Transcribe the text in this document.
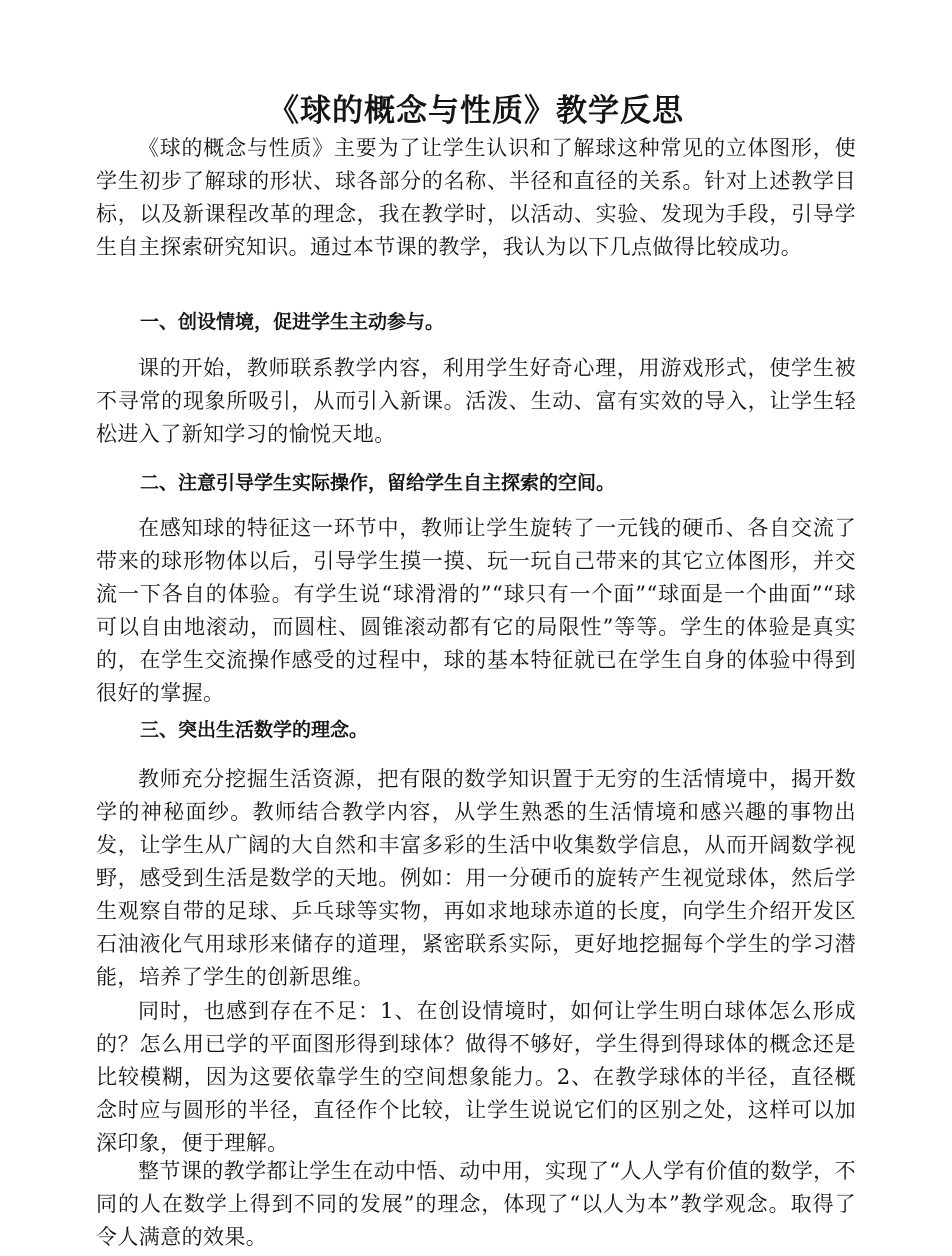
《球的概念与性质》教学反思

《球的概念与性质》主要为了让学生认识和了解球这种常见的立体图形，使学生初步了解球的形状、球各部分的名称、半径和直径的关系。针对上述教学目标，以及新课程改革的理念，我在教学时，以活动、实验、发现为手段，引导学生自主探索研究知识。通过本节课的教学，我认为以下几点做得比较成功。

一、创设情境，促进学生主动参与。

课的开始，教师联系教学内容，利用学生好奇心理，用游戏形式，使学生被不寻常的现象所吸引，从而引入新课。活泼、生动、富有实效的导入，让学生轻松进入了新知学习的愉悦天地。

二、注意引导学生实际操作，留给学生自主探索的空间。

在感知球的特征这一环节中，教师让学生旋转了一元钱的硬币、各自交流了带来的球形物体以后，引导学生摸一摸、玩一玩自己带来的其它立体图形，并交流一下各自的体验。有学生说“球滑滑的”“球只有一个面”“球面是一个曲面”“球可以自由地滚动，而圆柱、圆锥滚动都有它的局限性”等等。学生的体验是真实的，在学生交流操作感受的过程中，球的基本特征就已在学生自身的体验中得到很好的掌握。

三、突出生活数学的理念。

教师充分挖掘生活资源，把有限的数学知识置于无穷的生活情境中，揭开数学的神秘面纱。教师结合教学内容，从学生熟悉的生活情境和感兴趣的事物出发，让学生从广阔的大自然和丰富多彩的生活中收集数学信息，从而开阔数学视野，感受到生活是数学的天地。例如：用一分硬币的旋转产生视觉球体，然后学生观察自带的足球、乒乓球等实物，再如求地球赤道的长度，向学生介绍开发区石油液化气用球形来储存的道理，紧密联系实际，更好地挖掘每个学生的学习潜能，培养了学生的创新思维。

同时，也感到存在不足：1、在创设情境时，如何让学生明白球体怎么形成的？怎么用已学的平面图形得到球体？做得不够好，学生得到得球体的概念还是比较模糊，因为这要依靠学生的空间想象能力。2、在教学球体的半径，直径概念时应与圆形的半径，直径作个比较，让学生说说它们的区别之处，这样可以加深印象，便于理解。

整节课的教学都让学生在动中悟、动中用，实现了“人人学有价值的数学，不同的人在数学上得到不同的发展”的理念，体现了“以人为本”教学观念。取得了令人满意的效果。
